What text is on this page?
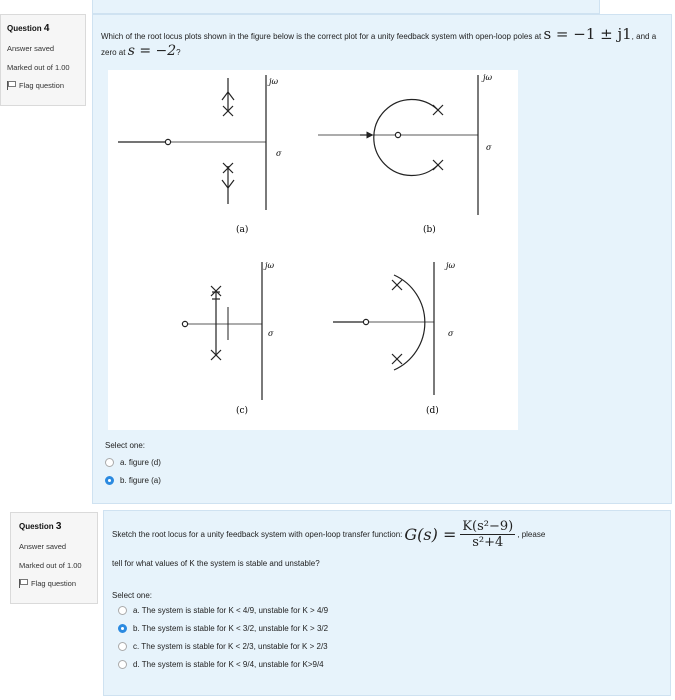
Question 4
Answer saved
Marked out of 1.00
Flag question
Which of the root locus plots shown in the figure below is the correct plot for a unity feedback system with open-loop poles at s = −1 ± j1, and a zero at s = −2?
Select one:
a. figure (d)
b. figure (a)
jω
σ
(a)
jω
σ
(b)
jω
σ
(c)
jω
σ
(d)
Question 3
Answer saved
Marked out of 1.00
Flag question
Sketch the root locus for a unity feedback system with open-loop transfer function: $G(s) = \frac{\text{K(s²−9)}}{\text{s²+4}}$ , please
tell for what values of K the system is stable and unstable?
Select one:
a. The system is stable for K < 4/9, unstable for K > 4/9
b. The system is stable for K < 3/2, unstable for K > 3/2
c. The system is stable for K < 2/3, unstable for K > 2/3
d. The system is stable for K < 9/4, unstable for K>9/4
